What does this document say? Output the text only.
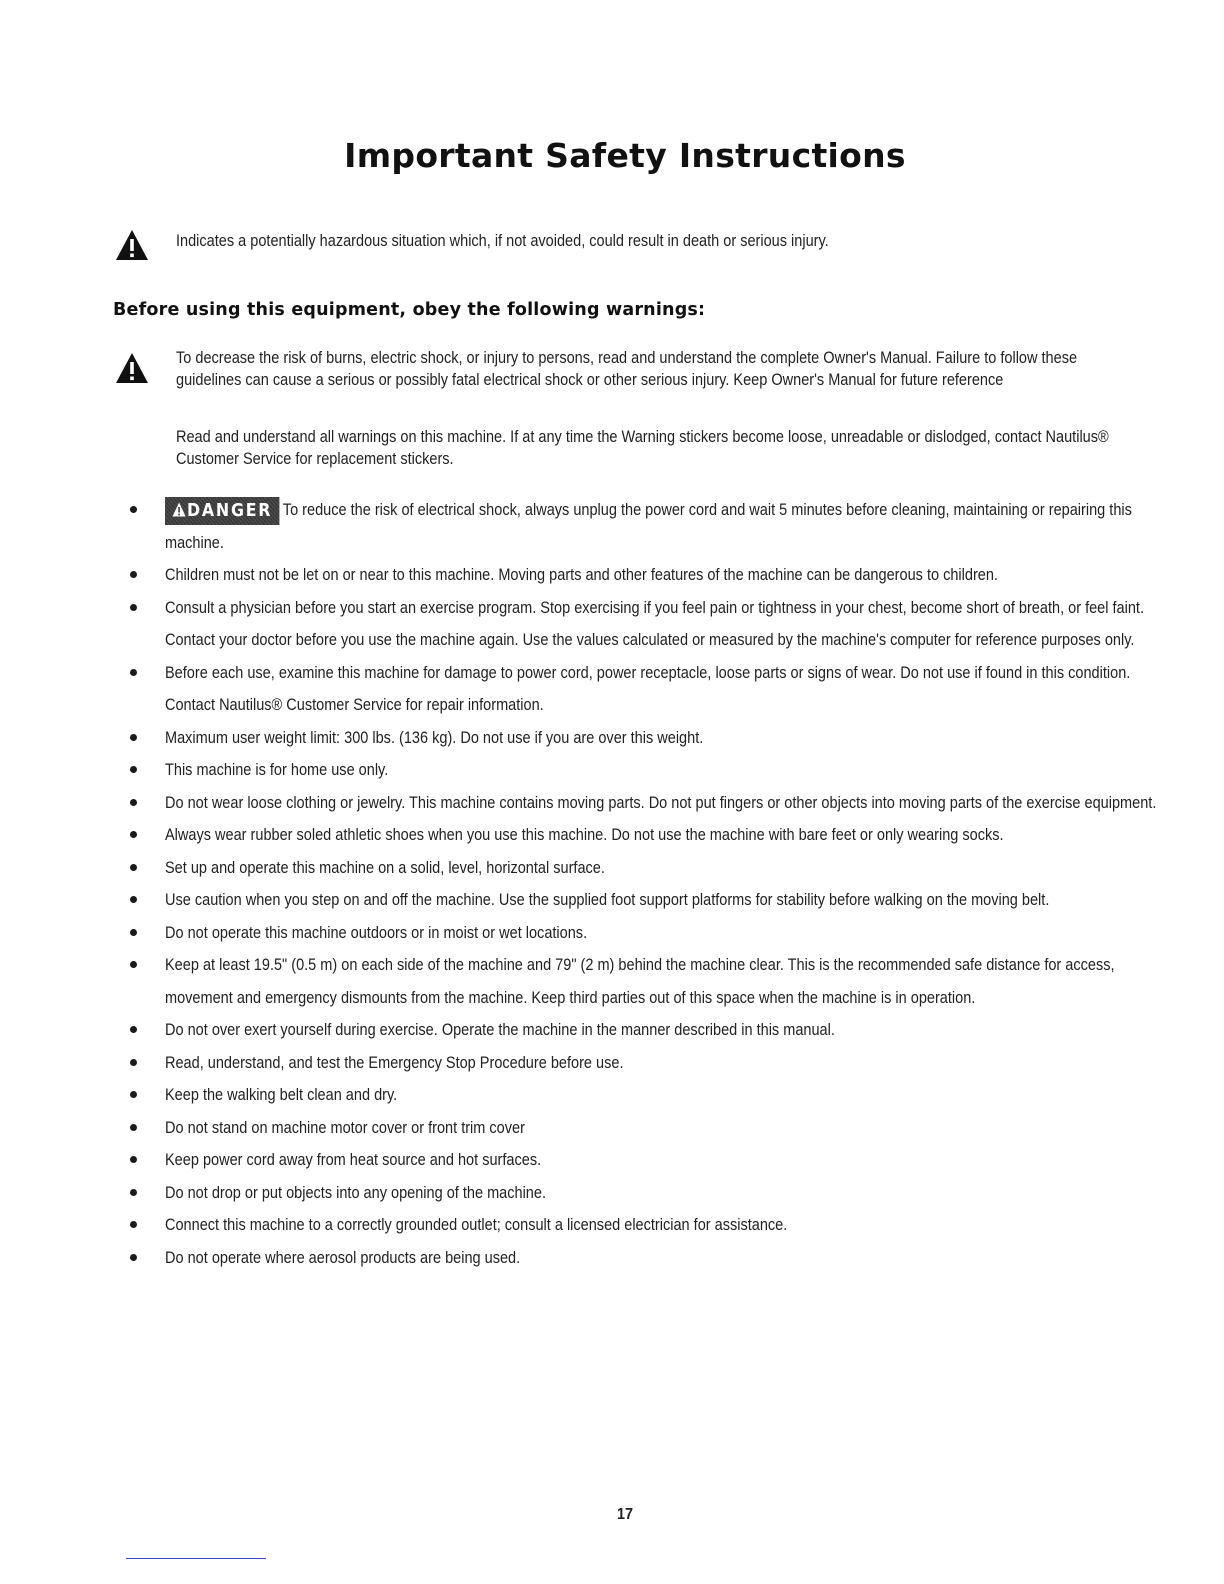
Important Safety Instructions
Indicates a potentially hazardous situation which, if not avoided, could result in death or serious injury.
Before using this equipment, obey the following warnings:
To decrease the risk of burns, electric shock, or injury to persons, read and understand the complete Owner's Manual. Failure to follow these guidelines can cause a serious or possibly fatal electrical shock or other serious injury. Keep Owner's Manual for future reference
Read and understand all warnings on this machine. If at any time the Warning stickers become loose, unreadable or dislodged, contact Nautilus® Customer Service for replacement stickers.
DANGER To reduce the risk of electrical shock, always unplug the power cord and wait 5 minutes before cleaning, maintaining or repairing this machine.
Children must not be let on or near to this machine. Moving parts and other features of the machine can be dangerous to children.
Consult a physician before you start an exercise program. Stop exercising if you feel pain or tightness in your chest, become short of breath, or feel faint. Contact your doctor before you use the machine again. Use the values calculated or measured by the machine's computer for reference purposes only.
Before each use, examine this machine for damage to power cord, power receptacle, loose parts or signs of wear. Do not use if found in this condition. Contact Nautilus® Customer Service for repair information.
Maximum user weight limit: 300 lbs. (136 kg). Do not use if you are over this weight.
This machine is for home use only.
Do not wear loose clothing or jewelry. This machine contains moving parts. Do not put fingers or other objects into moving parts of the exercise equipment.
Always wear rubber soled athletic shoes when you use this machine. Do not use the machine with bare feet or only wearing socks.
Set up and operate this machine on a solid, level, horizontal surface.
Use caution when you step on and off the machine. Use the supplied foot support platforms for stability before walking on the moving belt.
Do not operate this machine outdoors or in moist or wet locations.
Keep at least 19.5" (0.5 m) on each side of the machine and 79" (2 m) behind the machine clear. This is the recommended safe distance for access, movement and emergency dismounts from the machine. Keep third parties out of this space when the machine is in operation.
Do not over exert yourself during exercise. Operate the machine in the manner described in this manual.
Read, understand, and test the Emergency Stop Procedure before use.
Keep the walking belt clean and dry.
Do not stand on machine motor cover or front trim cover
Keep power cord away from heat source and hot surfaces.
Do not drop or put objects into any opening of the machine.
Connect this machine to a correctly grounded outlet; consult a licensed electrician for assistance.
Do not operate where aerosol products are being used.
17
